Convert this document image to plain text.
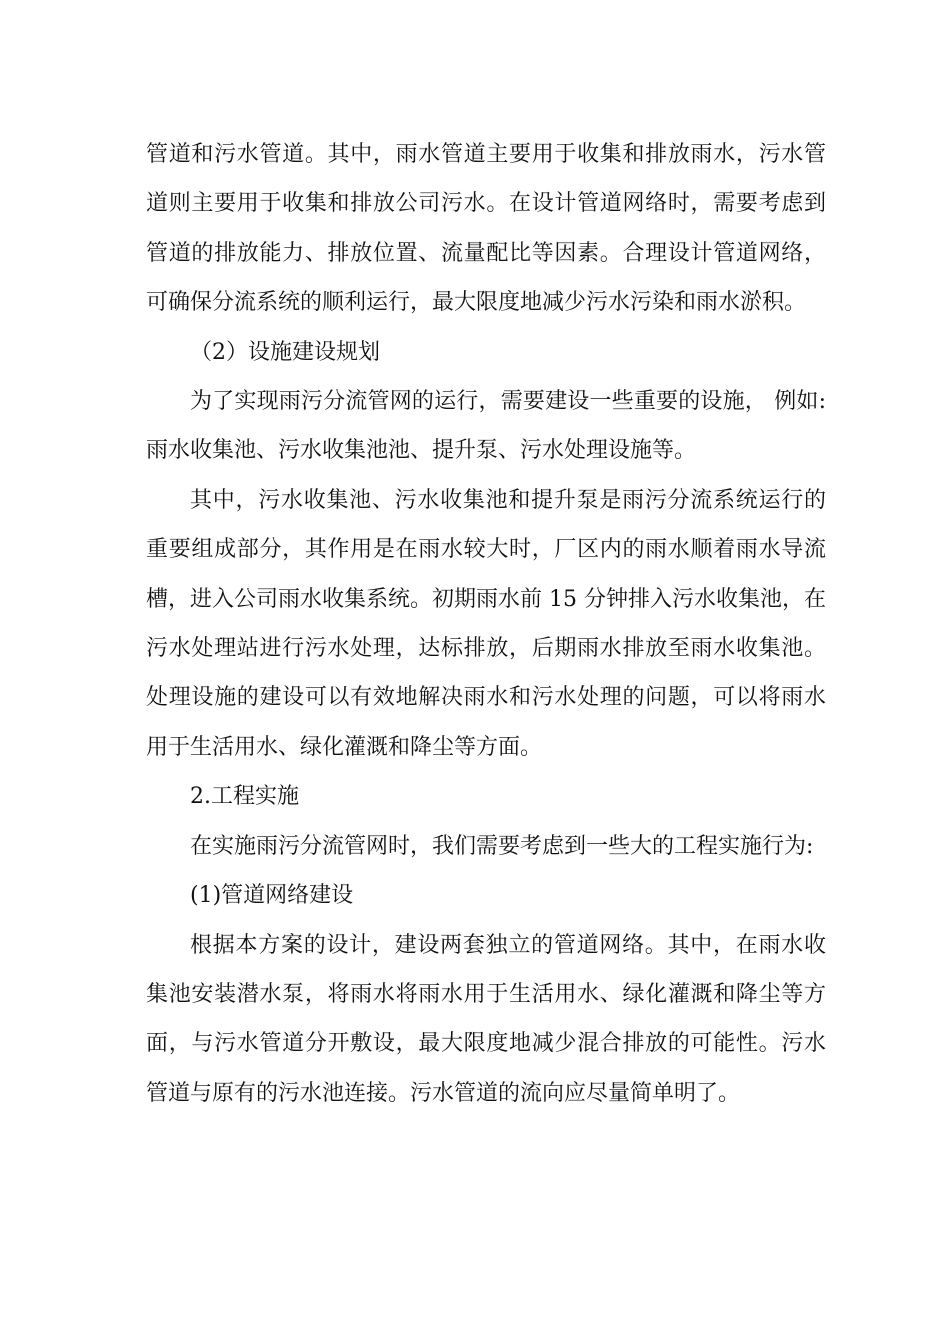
管道和污水管道。其中，雨水管道主要用于收集和排放雨水，污水管道则主要用于收集和排放公司污水。在设计管道网络时，需要考虑到管道的排放能力、排放位置、流量配比等因素。合理设计管道网络，可确保分流系统的顺利运行，最大限度地减少污水污染和雨水淤积。

（2）设施建设规划

为了实现雨污分流管网的运行，需要建设一些重要的设施， 例如:雨水收集池、污水收集池池、提升泵、污水处理设施等。

其中，污水收集池、污水收集池和提升泵是雨污分流系统运行的重要组成部分，其作用是在雨水较大时，厂区内的雨水顺着雨水导流槽，进入公司雨水收集系统。初期雨水前 15 分钟排入污水收集池，在污水处理站进行污水处理，达标排放，后期雨水排放至雨水收集池。处理设施的建设可以有效地解决雨水和污水处理的问题，可以将雨水用于生活用水、绿化灌溉和降尘等方面。

2.工程实施

在实施雨污分流管网时，我们需要考虑到一些大的工程实施行为:

(1)管道网络建设

根据本方案的设计，建设两套独立的管道网络。其中，在雨水收集池安装潜水泵，将雨水将雨水用于生活用水、绿化灌溉和降尘等方面，与污水管道分开敷设，最大限度地减少混合排放的可能性。污水管道与原有的污水池连接。污水管道的流向应尽量简单明了。
